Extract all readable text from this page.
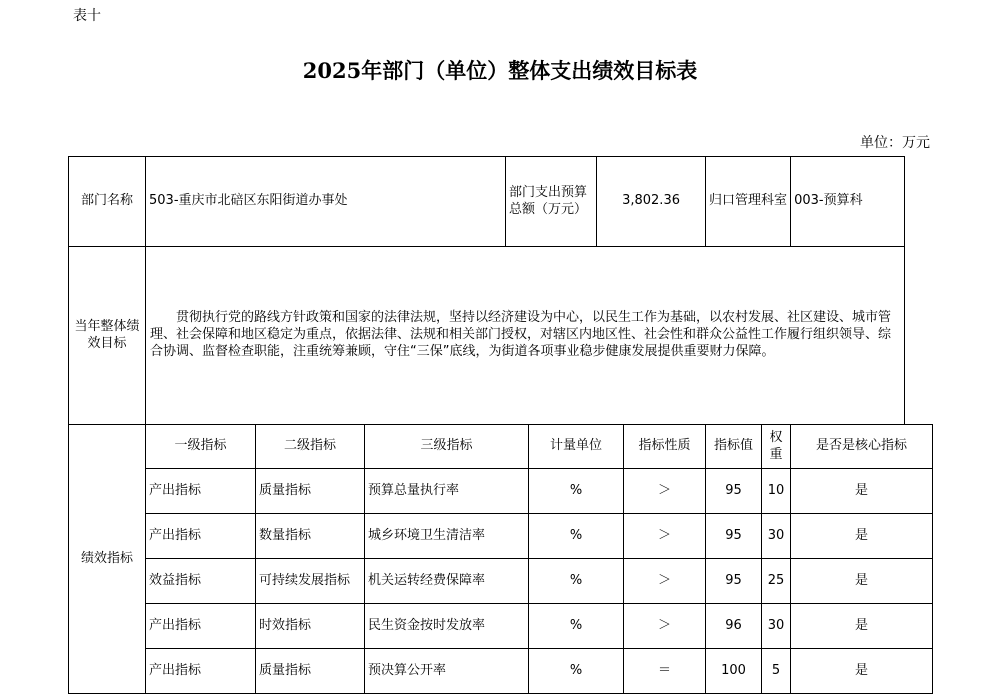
表十
2025年部门（单位）整体支出绩效目标表
单位：万元
部门名称	503-重庆市北碚区东阳街道办事处			部门支出预算总额（万元）		3,802.36		归口管理科室		003-预算科
当年整体绩效目标	贯彻执行党的路线方针政策和国家的法律法规，坚持以经济建设为中心，以民生工作为基础，以农村发展、社区建设、城市管理、社会保障和地区稳定为重点，依据法律、法规和相关部门授权，对辖区内地区性、社会性和群众公益性工作履行组织领导、综合协调、监督检查职能，注重统筹兼顾，守住“三保”底线，为街道各项事业稳步健康发展提供重要财力保障。									
绩效指标	一级指标	二级指标	三级指标		计量单位		指标性质	指标值	权重	是否是核心指标
	产出指标	质量指标	预算总量执行率		%		＞	95	10	是
	产出指标	数量指标	城乡环境卫生清洁率		%		＞	95	30	是
	效益指标	可持续发展指标	机关运转经费保障率		%		＞	95	25	是
	产出指标	时效指标	民生资金按时发放率		%		＞	96	30	是
	产出指标	质量指标	预决算公开率		%		＝	100	5	是
